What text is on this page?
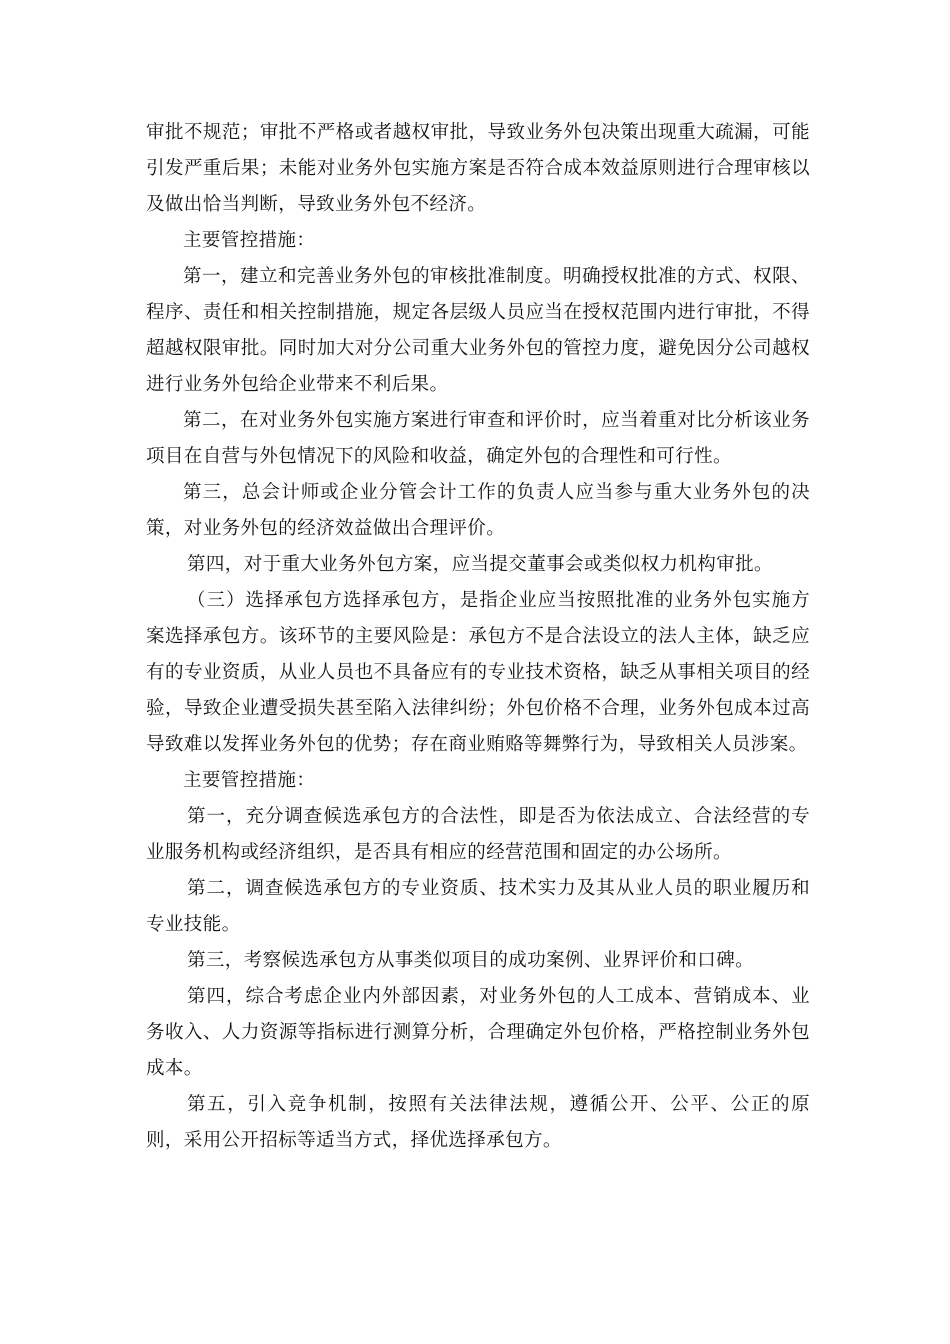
审批不规范；审批不严格或者越权审批，导致业务外包决策出现重大疏漏，可能引发严重后果；未能对业务外包实施方案是否符合成本效益原则进行合理审核以及做出恰当判断，导致业务外包不经济。

主要管控措施：

第一，建立和完善业务外包的审核批准制度。明确授权批准的方式、权限、程序、责任和相关控制措施，规定各层级人员应当在授权范围内进行审批，不得超越权限审批。同时加大对分公司重大业务外包的管控力度，避免因分公司越权进行业务外包给企业带来不利后果。

第二，在对业务外包实施方案进行审查和评价时，应当着重对比分析该业务项目在自营与外包情况下的风险和收益，确定外包的合理性和可行性。

第三，总会计师或企业分管会计工作的负责人应当参与重大业务外包的决策，对业务外包的经济效益做出合理评价。

第四，对于重大业务外包方案，应当提交董事会或类似权力机构审批。

（三）选择承包方选择承包方，是指企业应当按照批准的业务外包实施方案选择承包方。该环节的主要风险是：承包方不是合法设立的法人主体，缺乏应有的专业资质，从业人员也不具备应有的专业技术资格，缺乏从事相关项目的经验，导致企业遭受损失甚至陷入法律纠纷；外包价格不合理，业务外包成本过高导致难以发挥业务外包的优势；存在商业贿赂等舞弊行为，导致相关人员涉案。

主要管控措施：

第一，充分调查候选承包方的合法性，即是否为依法成立、合法经营的专业服务机构或经济组织，是否具有相应的经营范围和固定的办公场所。

第二，调查候选承包方的专业资质、技术实力及其从业人员的职业履历和专业技能。

第三，考察候选承包方从事类似项目的成功案例、业界评价和口碑。

第四，综合考虑企业内外部因素，对业务外包的人工成本、营销成本、业务收入、人力资源等指标进行测算分析，合理确定外包价格，严格控制业务外包成本。

第五，引入竞争机制，按照有关法律法规，遵循公开、公平、公正的原则，采用公开招标等适当方式，择优选择承包方。
